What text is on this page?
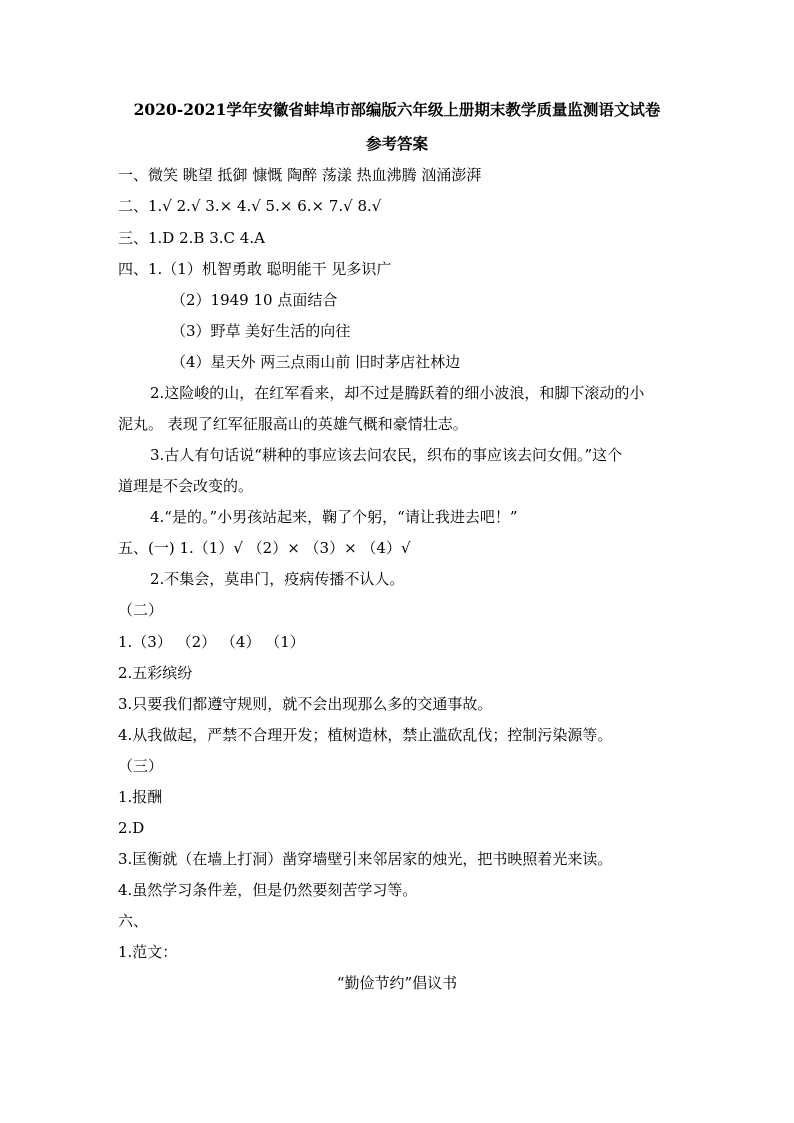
2020-2021学年安徽省蚌埠市部编版六年级上册期末教学质量监测语文试卷
参考答案
一、微笑 眺望 抵御 慷慨 陶醉 荡漾 热血沸腾 汹涌澎湃
二、1.√ 2.√ 3.× 4.√ 5.× 6.× 7.√ 8.√
三、1.D 2.B 3.C 4.A
四、1.（1）机智勇敢 聪明能干 见多识广
（2）1949 10 点面结合
（3）野草 美好生活的向往
（4）星天外 两三点雨山前 旧时茅店社林边
2.这险峻的山，在红军看来，却不过是腾跃着的细小波浪，和脚下滚动的小
泥丸。 表现了红军征服高山的英雄气概和豪情壮志。
3.古人有句话说“耕种的事应该去问农民，织布的事应该去问女佣。”这个
道理是不会改变的。
4.“是的。”小男孩站起来，鞠了个躬，“请让我进去吧！”
五、(一) 1.（1）√ （2）× （3）× （4）√
2.不集会，莫串门，疫病传播不认人。
（二）
1.（3） （2） （4） （1）
2.五彩缤纷
3.只要我们都遵守规则，就不会出现那么多的交通事故。
4.从我做起，严禁不合理开发；植树造林，禁止滥砍乱伐；控制污染源等。
（三）
1.报酬
2.D
3.匡衡就（在墙上打洞）凿穿墙壁引来邻居家的烛光，把书映照着光来读。
4.虽然学习条件差，但是仍然要刻苦学习等。
六、
1.范文：
“勤俭节约”倡议书
